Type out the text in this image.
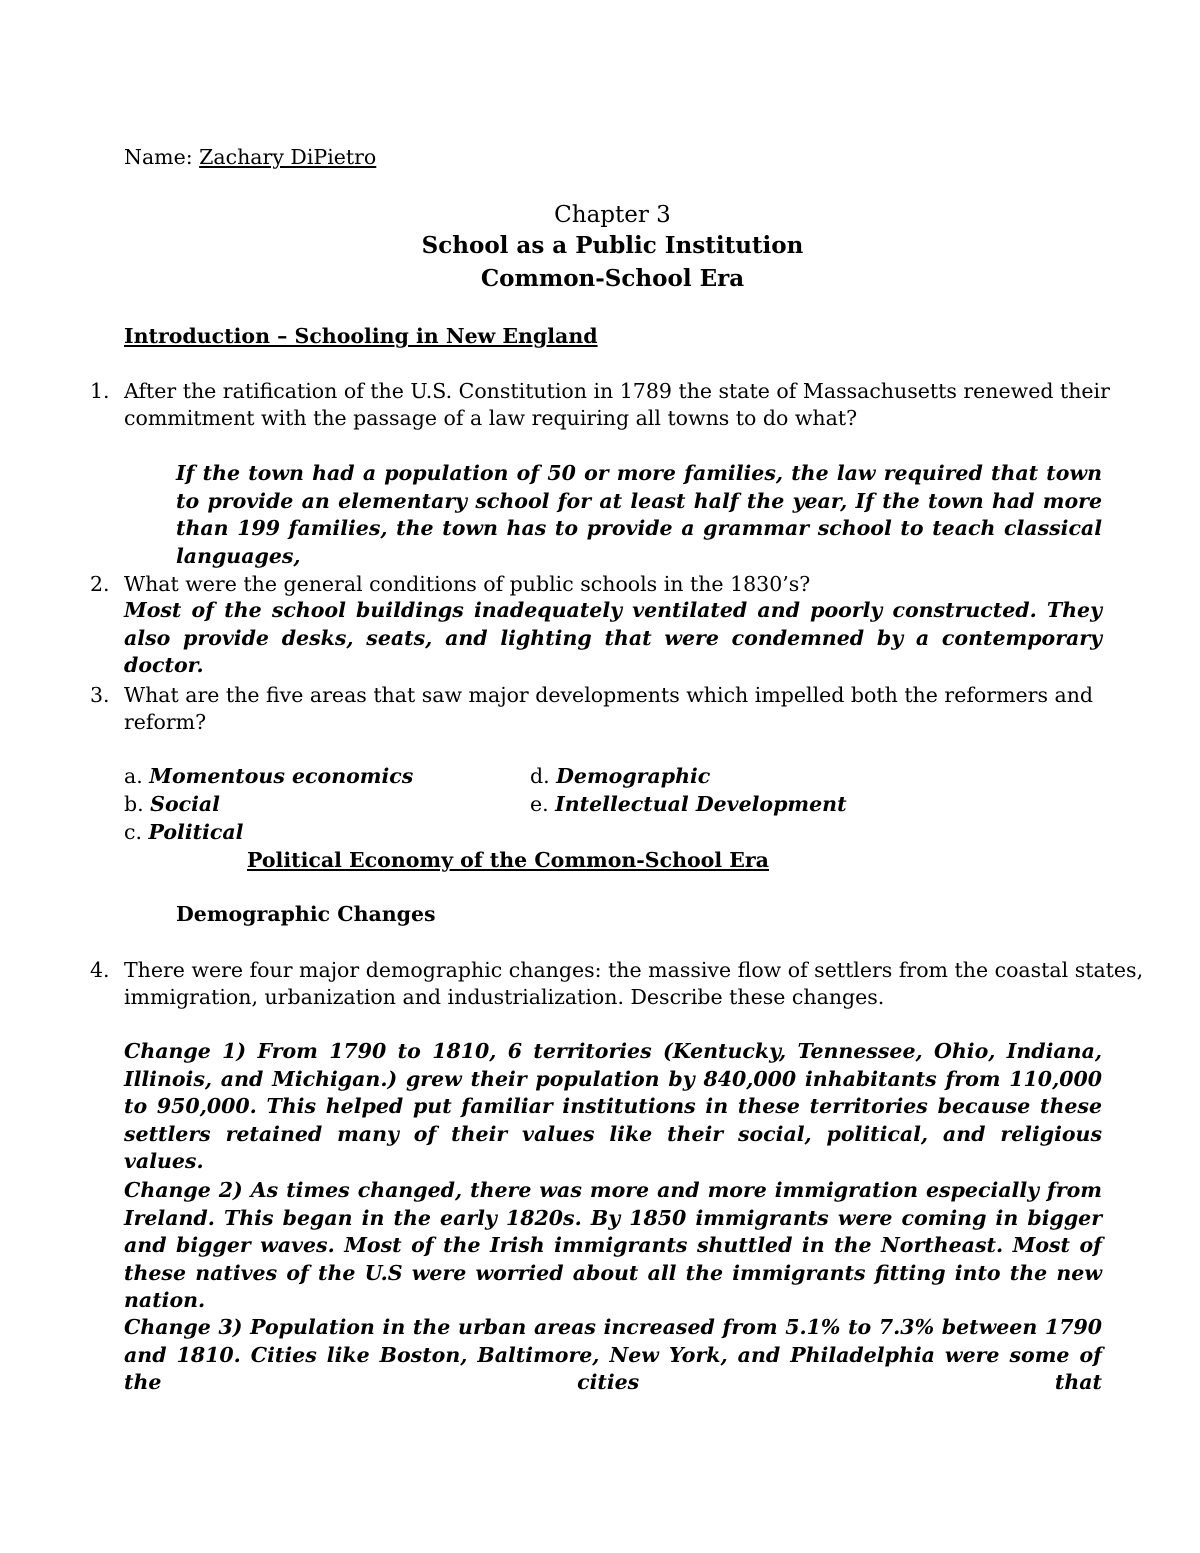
Name: Zachary DiPietro
Chapter 3
School as a Public Institution
Common-School Era
Introduction – Schooling in New England
1. After the ratification of the U.S. Constitution in 1789 the state of Massachusetts renewed their
commitment with the passage of a law requiring all towns to do what?
If the town had a population of 50 or more families, the law required that town to provide an elementary school for at least half the year, If the town had more than 199 families, the town has to provide a grammar school to teach classical languages,
2. What were the general conditions of public schools in the 1830’s?
Most of the school buildings inadequately ventilated and poorly constructed. They also provide desks, seats, and lighting that were condemned by a contemporary doctor.
3. What are the five areas that saw major developments which impelled both the reformers and
reform?
a. Momentous economics
b. Social
c. Political
d. Demographic
e. Intellectual Development
Political Economy of the Common-School Era
Demographic Changes
4. There were four major demographic changes: the massive flow of settlers from the coastal states,
immigration, urbanization and industrialization. Describe these changes.
Change 1) From 1790 to 1810, 6 territories (Kentucky, Tennessee, Ohio, Indiana, Illinois, and Michigan.) grew their population by 840,000 inhabitants from 110,000 to 950,000. This helped put familiar institutions in these territories because these settlers retained many of their values like their social, political, and religious values.
Change 2) As times changed, there was more and more immigration especially from Ireland. This began in the early 1820s. By 1850 immigrants were coming in bigger and bigger waves. Most of the Irish immigrants shuttled in the Northeast. Most of these natives of the U.S were worried about all the immigrants fitting into the new nation.
Change 3) Population in the urban areas increased from 5.1% to 7.3% between 1790 and 1810. Cities like Boston, Baltimore, New York, and Philadelphia were some of the cities that
